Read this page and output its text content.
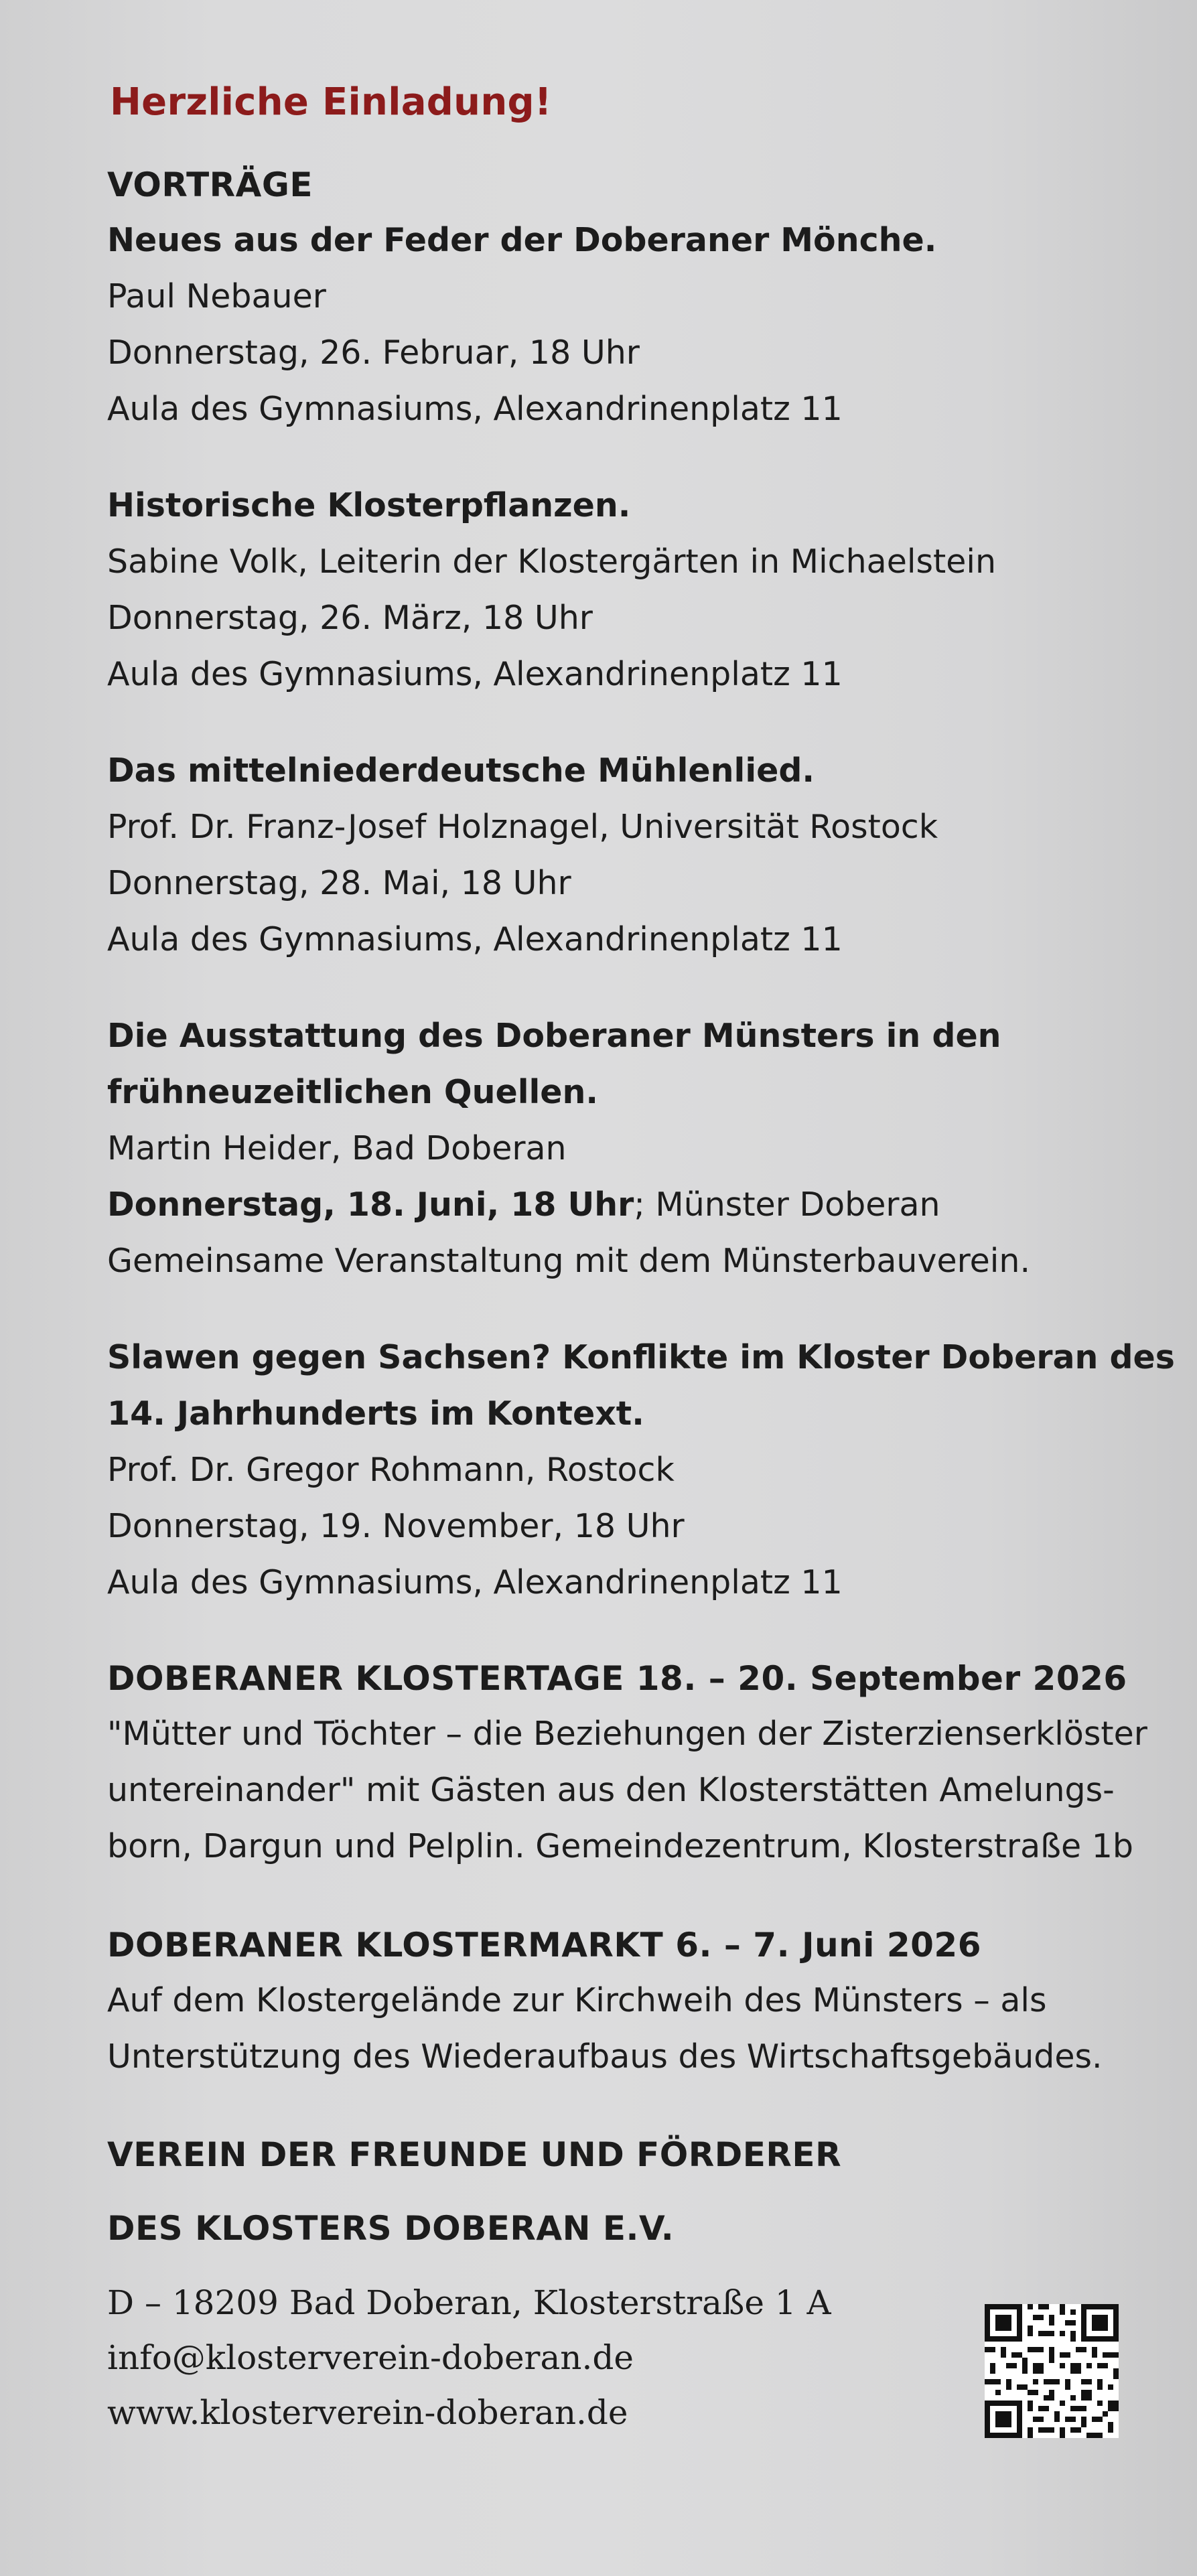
Herzliche Einladung!
VORTRÄGE
Neues aus der Feder der Doberaner Mönche.
Paul Nebauer
Donnerstag, 26. Februar, 18 Uhr
Aula des Gymnasiums, Alexandrinenplatz 11
Historische Klosterpflanzen.
Sabine Volk, Leiterin der Klostergärten in Michaelstein
Donnerstag, 26. März, 18 Uhr
Aula des Gymnasiums, Alexandrinenplatz 11
Das mittelniederdeutsche Mühlenlied.
Prof. Dr. Franz-Josef Holznagel, Universität Rostock
Donnerstag, 28. Mai, 18 Uhr
Aula des Gymnasiums, Alexandrinenplatz 11
Die Ausstattung des Doberaner Münsters in den
frühneuzeitlichen Quellen.
Martin Heider, Bad Doberan
Donnerstag, 18. Juni, 18 Uhr; Münster Doberan
Gemeinsame Veranstaltung mit dem Münsterbauverein.
Slawen gegen Sachsen? Konflikte im Kloster Doberan des
14. Jahrhunderts im Kontext.
Prof. Dr. Gregor Rohmann, Rostock
Donnerstag, 19. November, 18 Uhr
Aula des Gymnasiums, Alexandrinenplatz 11
DOBERANER KLOSTERTAGE 18. – 20. September 2026
"Mütter und Töchter – die Beziehungen der Zisterzienserklöster
untereinander" mit Gästen aus den Klosterstätten Amelungs-
born, Dargun und Pelplin. Gemeindezentrum, Klosterstraße 1b
DOBERANER KLOSTERMARKT 6. – 7. Juni 2026
Auf dem Klostergelände zur Kirchweih des Münsters – als
Unterstützung des Wiederaufbaus des Wirtschaftsgebäudes.
VEREIN DER FREUNDE UND FÖRDERER
DES KLOSTERS DOBERAN E.V.
D – 18209 Bad Doberan, Klosterstraße 1 A
info@klosterverein-doberan.de
www.klosterverein-doberan.de
